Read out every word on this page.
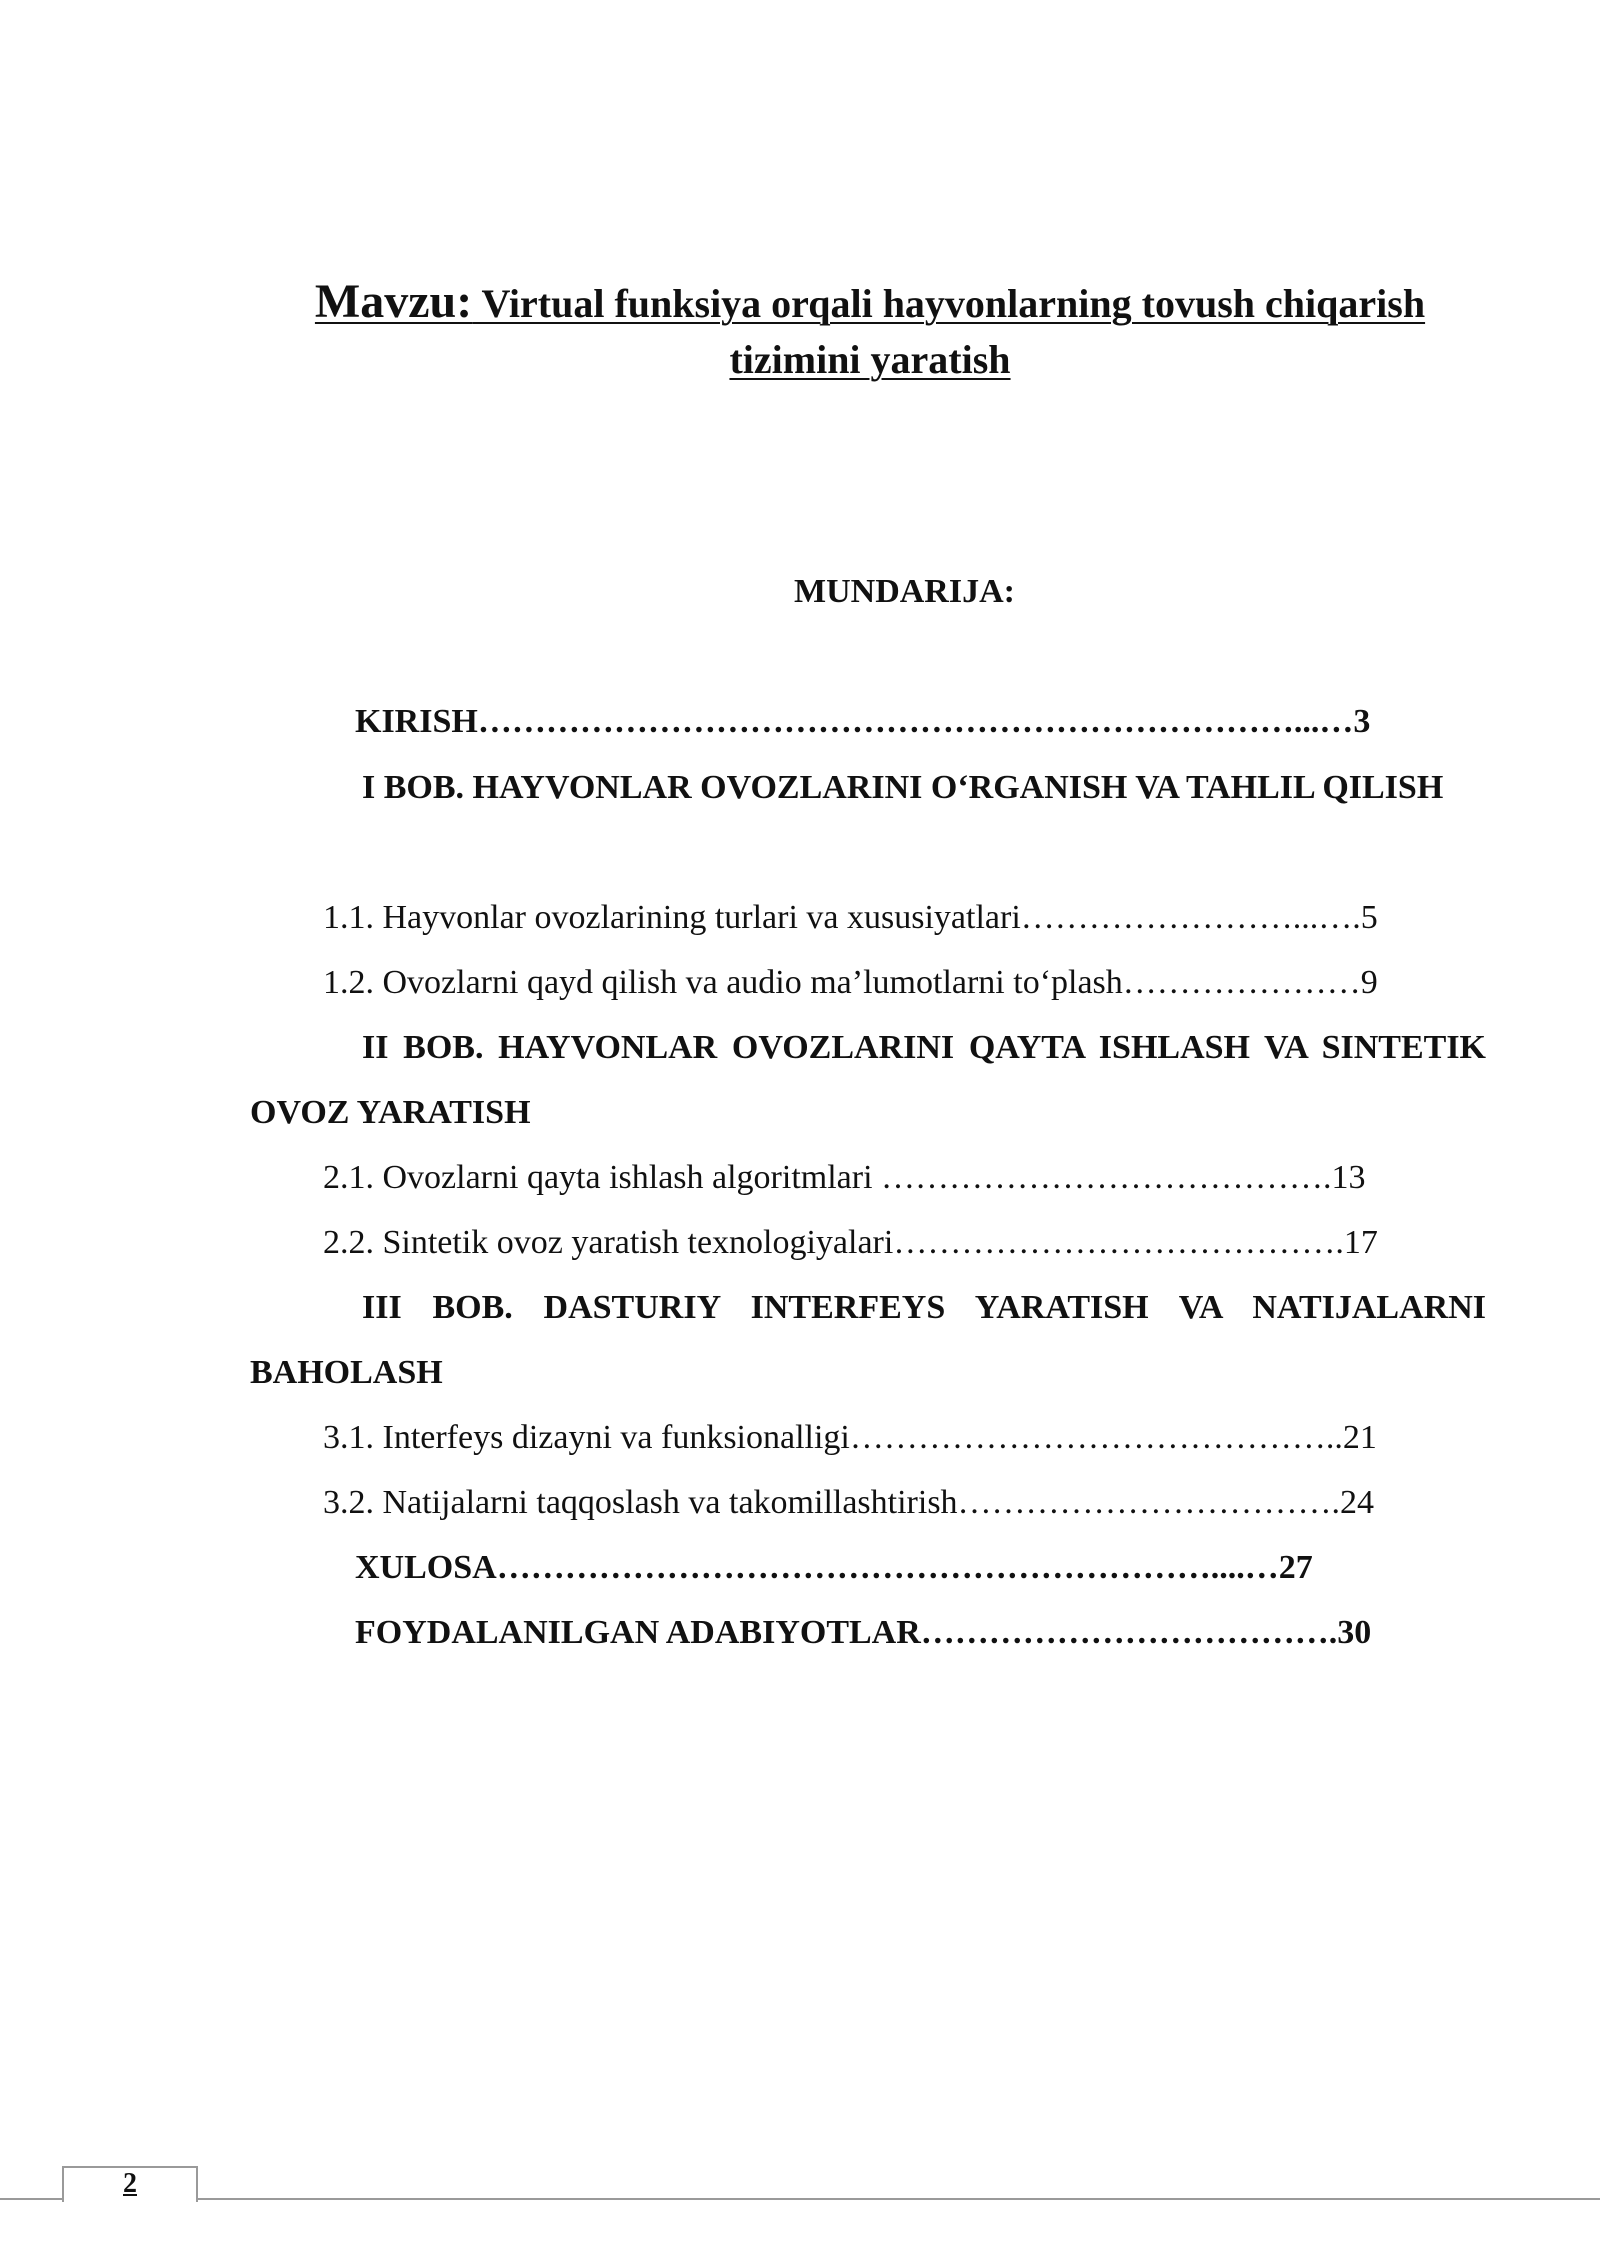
Mavzu: Virtual funksiya orqali hayvonlarning tovush chiqarish tizimini yaratish
MUNDARIJA:
KIRISH………………………………………………………………...…3
I BOB. HAYVONLAR OVOZLARINI O‘RGANISH VA TAHLIL QILISH
1.1. Hayvonlar ovozlarining turlari va xususiyatlari……………………...….5
1.2. Ovozlarni qayd qilish va audio ma’lumotlarni to‘plash…………………9
II BOB. HAYVONLAR OVOZLARINI QAYTA ISHLASH VA SINTETIK OVOZ YARATISH
2.1. Ovozlarni qayta ishlash algoritmlari ………………………………….13
2.2. Sintetik ovoz yaratish texnologiyalari………………………………….17
III BOB. DASTURIY INTERFEYS YARATISH VA NATIJALARNI BAHOLASH
3.1. Interfeys dizayni va funksionalligi……………………………………..21
3.2. Natijalarni taqqoslash va takomillashtirish…………………………….24
XULOSA………………………………………………………....…27
FOYDALANILGAN ADABIYOTLAR……………………………….30
2
